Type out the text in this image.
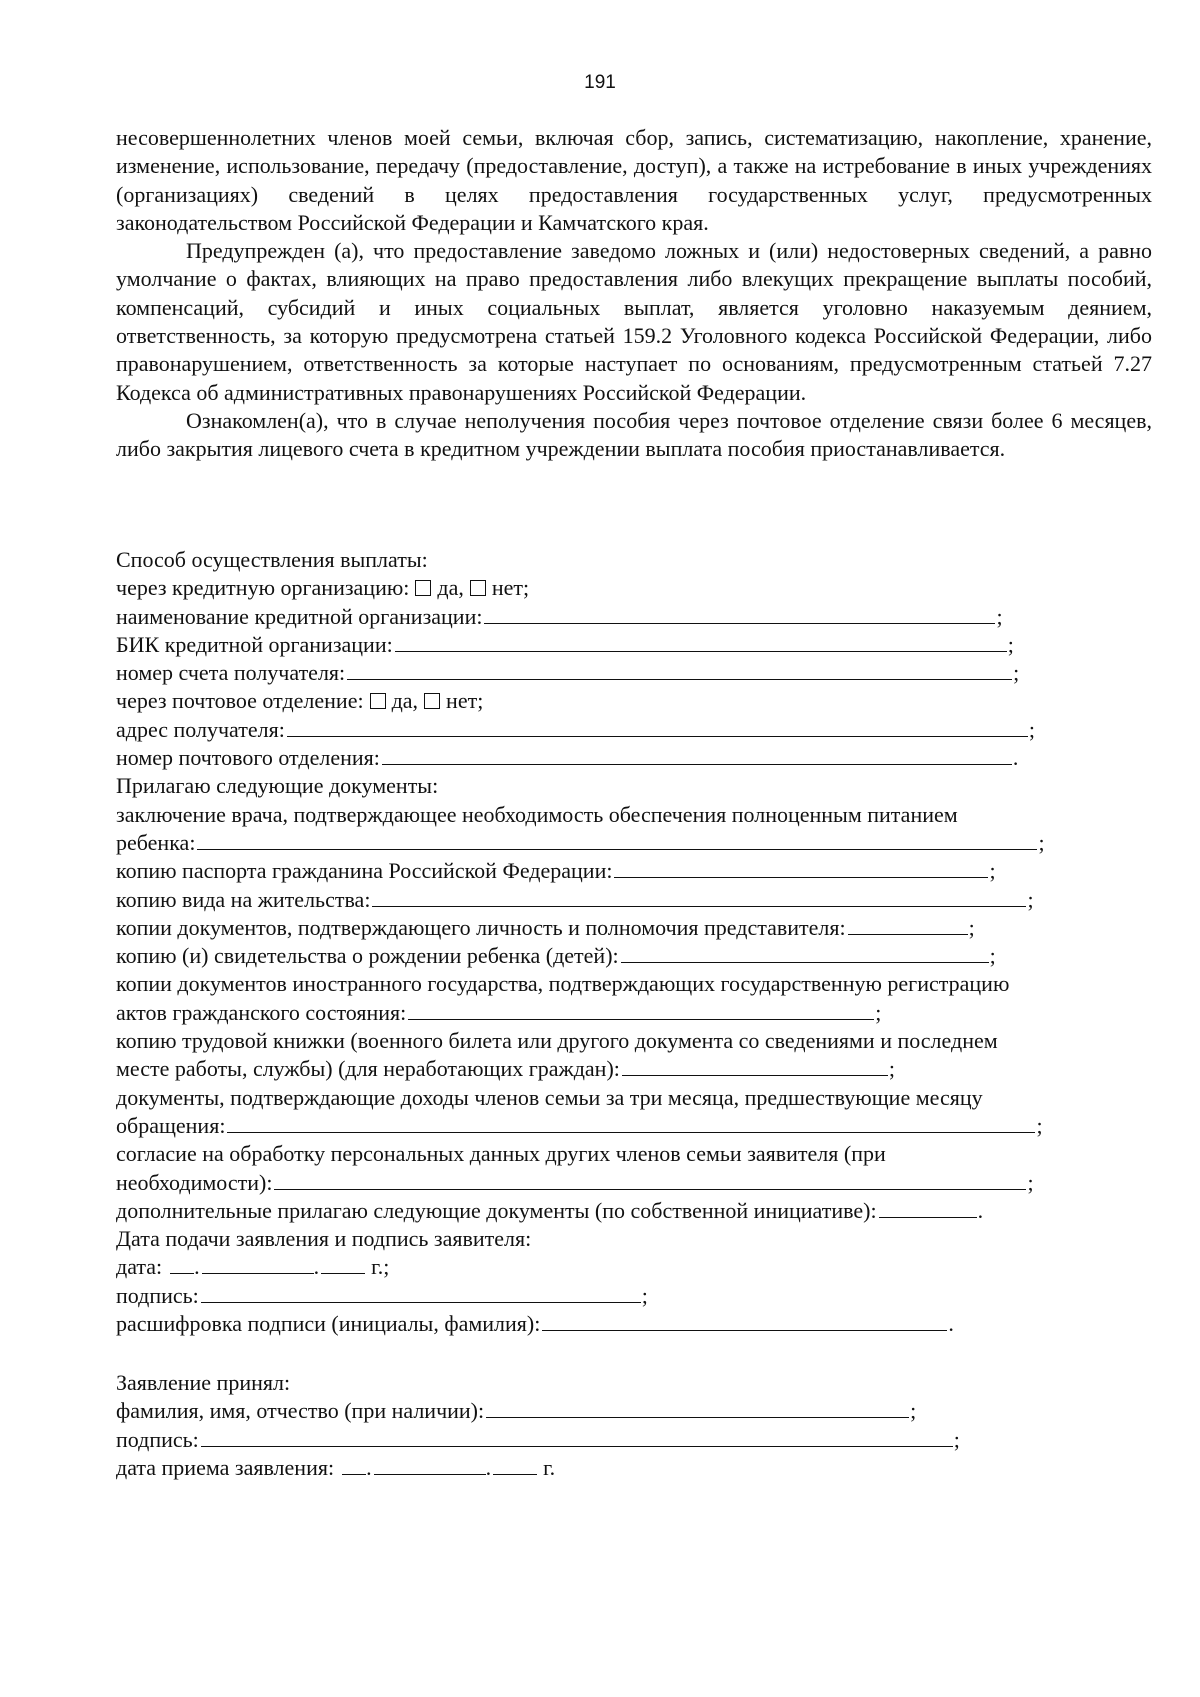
191

несовершеннолетних членов моей семьи, включая сбор, запись, систематизацию, накопление, хранение, изменение, использование, передачу (предоставление, доступ), а также на истребование в иных учреждениях (организациях) сведений в целях предоставления государственных услуг, предусмотренных законодательством Российской Федерации и Камчатского края.

Предупрежден (а), что предоставление заведомо ложных и (или) недостоверных сведений, а равно умолчание о фактах, влияющих на право предоставления либо влекущих прекращение выплаты пособий, компенсаций, субсидий и иных социальных выплат, является уголовно наказуемым деянием, ответственность, за которую предусмотрена статьей 159.2 Уголовного кодекса Российской Федерации, либо правонарушением, ответственность за которые наступает по основаниям, предусмотренным статьей 7.27 Кодекса об административных правонарушениях Российской Федерации.

Ознакомлен(а), что в случае неполучения пособия через почтовое отделение связи более 6 месяцев, либо закрытия лицевого счета в кредитном учреждении выплата пособия приостанавливается.

Способ осуществления выплаты:
через кредитную организацию: да, нет;
наименование кредитной организации:	;
БИК кредитной организации:	;
номер счета получателя:	;
через почтовое отделение: да, нет;
адрес получателя:	;
номер почтового отделения:	.
Прилагаю следующие документы:
заключение врача, подтверждающее необходимость обеспечения полноценным питанием
ребенка:	;
копию паспорта гражданина Российской Федерации:	;
копию вида на жительства:	;
копии документов, подтверждающего личность и полномочия представителя:	;
копию (и) свидетельства о рождении ребенка (детей):	;
копии документов иностранного государства, подтверждающих государственную регистрацию
актов гражданского состояния:	;
копию трудовой книжки (военного билета или другого документа со сведениями и последнем
месте работы, службы) (для неработающих граждан):	;
документы, подтверждающие доходы членов семьи за три месяца, предшествующие месяцу
обращения:	;
согласие на обработку персональных данных других членов семьи заявителя (при
необходимости):	;
дополнительные прилагаю следующие документы (по собственной инициативе):	.
Дата подачи заявления и подпись заявителя:
дата: .	. г.;
подпись:	;
расшифровка подписи (инициалы, фамилия):	.
Заявление принял:
фамилия, имя, отчество (при наличии):	;
подпись:	;
дата приема заявления: .	. г.
